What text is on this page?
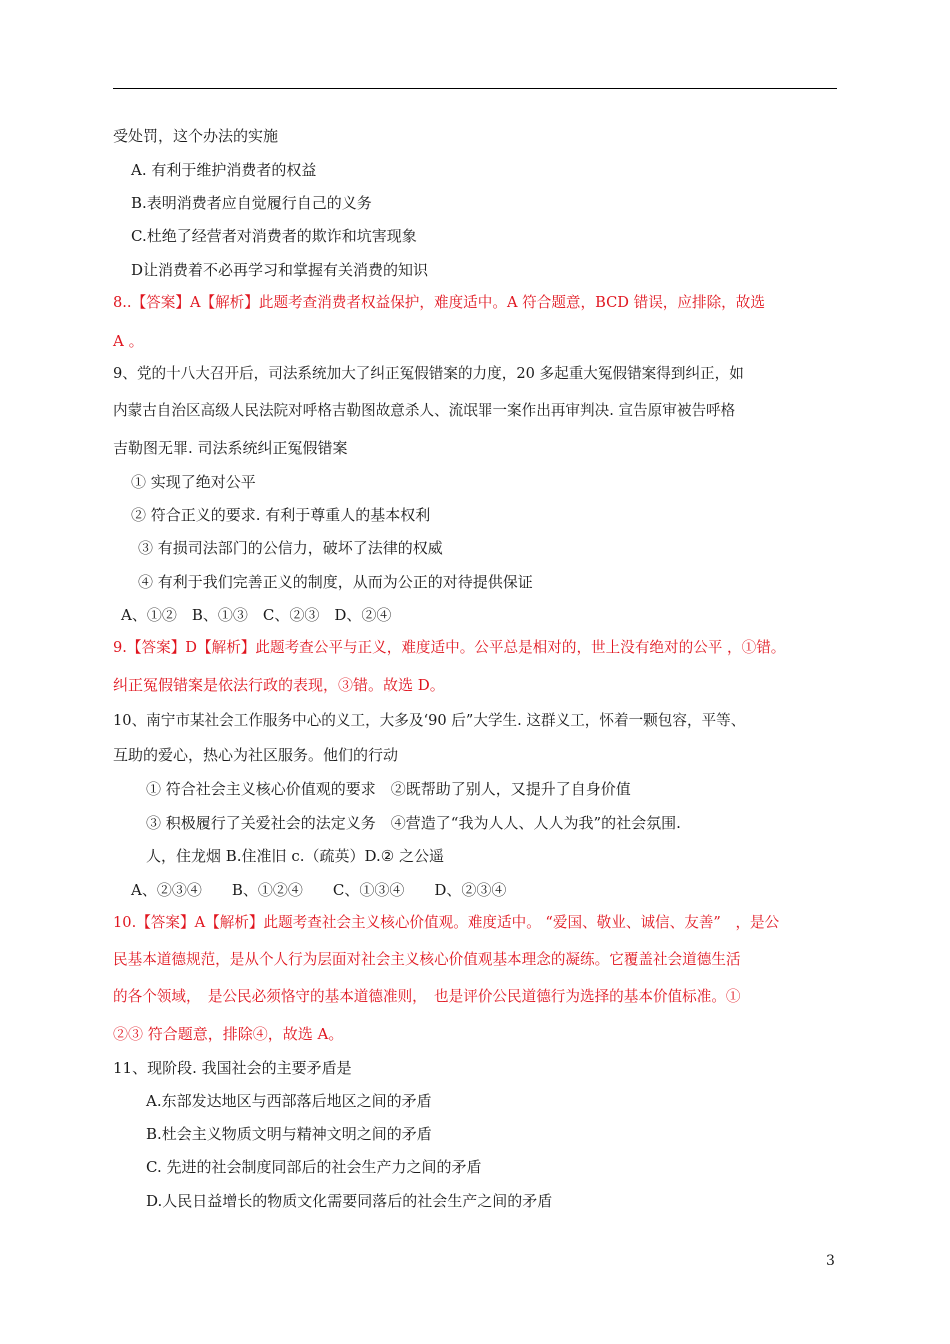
受处罚，这个办法的实施
A. 有利于维护消费者的权益
B.表明消费者应自觉履行自己的义务
C.杜绝了经营者对消费者的欺诈和坑害现象
D让消费着不必再学习和掌握有关消费的知识
8..【答案】A【解析】此题考查消费者权益保护，难度适中。A 符合题意，BCD 错误，应排除，故选
A 。
9、党的十八大召开后，司法系统加大了纠正冤假错案的力度，20 多起重大冤假错案得到纠正，如
内蒙古自治区高级人民法院对呼格吉勒图故意杀人、流氓罪一案作出再审判决. 宣告原审被告呼格
吉勒图无罪. 司法系统纠正冤假错案
① 实现了绝对公平
② 符合正义的要求. 有利于尊重人的基本权利
③ 有损司法部门的公信力，破坏了法律的权威
④ 有利于我们完善正义的制度，从而为公正的对待提供保证
A、①②　B、①③　C、②③　D、②④
9.【答案】D【解析】此题考查公平与正义，难度适中。公平总是相对的，世上没有绝对的公平 ，①错。
纠正冤假错案是依法行政的表现，③错。故选 D。
10、南宁市某社会工作服务中心的义工，大多及‘90 后”大学生. 这群义工，怀着一颗包容，平等、
互助的爱心，热心为社区服务。他们的行动
① 符合社会主义核心价值观的要求　②既帮助了别人，又提升了自身价值
③ 积极履行了关爱社会的法定义务　④营造了“我为人人、人人为我”的社会氛围.
人，住龙烟 B.住准旧 c.（疏英）D.② 之公遥
A、②③④　　B、①②④　　C、①③④　　D、②③④
10.【答案】A【解析】此题考查社会主义核心价值观。难度适中。 “爱国、敬业、诚信、友善”　，是公
民基本道德规范，是从个人行为层面对社会主义核心价值观基本理念的凝练。它覆盖社会道德生活
的各个领域，　是公民必须恪守的基本道德准则，　也是评价公民道德行为选择的基本价值标准。①
②③ 符合题意，排除④，故选 A。
11、现阶段. 我国社会的主要矛盾是
A.东部发达地区与西部落后地区之间的矛盾
B.杜会主义物质文明与精神文明之间的矛盾
C. 先进的社会制度同部后的社会生产力之间的矛盾
D.人民日益增长的物质文化需要同落后的社会生产之间的矛盾
3
